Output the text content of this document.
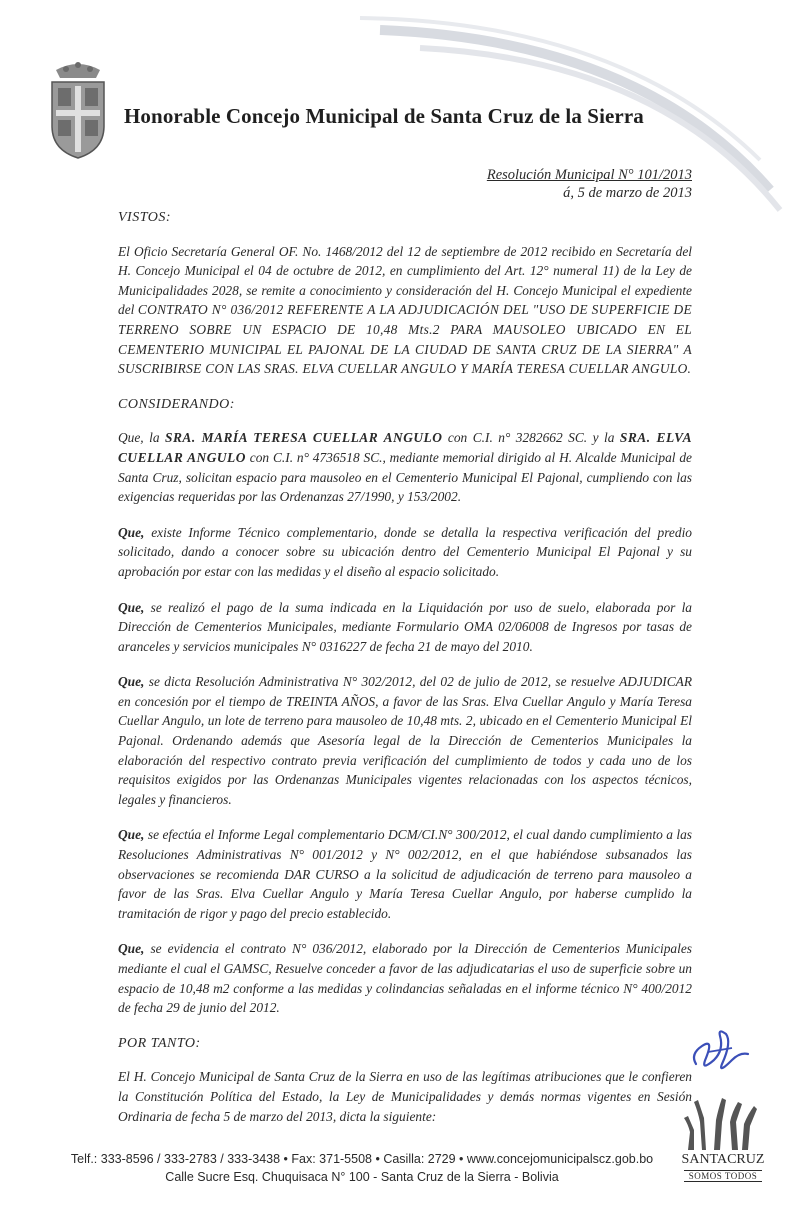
Honorable Concejo Municipal de Santa Cruz de la Sierra
Resolución Municipal N° 101/2013
á, 5 de marzo de 2013
VISTOS:

El Oficio Secretaría General OF. No. 1468/2012 del 12 de septiembre de 2012 recibido en Secretaría del H. Concejo Municipal el 04 de octubre de 2012, en cumplimiento del Art. 12° numeral 11) de la Ley de Municipalidades 2028, se remite a conocimiento y consideración del H. Concejo Municipal el expediente del CONTRATO N° 036/2012 REFERENTE A LA ADJUDICACIÓN DEL "USO DE SUPERFICIE DE TERRENO SOBRE UN ESPACIO DE 10,48 Mts.2 PARA MAUSOLEO UBICADO EN EL CEMENTERIO MUNICIPAL EL PAJONAL DE LA CIUDAD DE SANTA CRUZ DE LA SIERRA" A SUSCRIBIRSE CON LAS SRAS. ELVA CUELLAR ANGULO Y MARÍA TERESA CUELLAR ANGULO.

CONSIDERANDO:

Que, la SRA. MARÍA TERESA CUELLAR ANGULO con C.I. n° 3282662 SC. y la SRA. ELVA CUELLAR ANGULO con C.I. n° 4736518 SC., mediante memorial dirigido al H. Alcalde Municipal de Santa Cruz, solicitan espacio para mausoleo en el Cementerio Municipal El Pajonal, cumpliendo con las exigencias requeridas por las Ordenanzas 27/1990, y 153/2002.

Que, existe Informe Técnico complementario, donde se detalla la respectiva verificación del predio solicitado, dando a conocer sobre su ubicación dentro del Cementerio Municipal El Pajonal y su aprobación por estar con las medidas y el diseño al espacio solicitado.

Que, se realizó el pago de la suma indicada en la Liquidación por uso de suelo, elaborada por la Dirección de Cementerios Municipales, mediante Formulario OMA 02/06008 de Ingresos por tasas de aranceles y servicios municipales N° 0316227 de fecha 21 de mayo del 2010.

Que, se dicta Resolución Administrativa N° 302/2012, del 02 de julio de 2012, se resuelve ADJUDICAR en concesión por el tiempo de TREINTA AÑOS, a favor de las Sras. Elva Cuellar Angulo y María Teresa Cuellar Angulo, un lote de terreno para mausoleo de 10,48 mts. 2, ubicado en el Cementerio Municipal El Pajonal. Ordenando además que Asesoría legal de la Dirección de Cementerios Municipales la elaboración del respectivo contrato previa verificación del cumplimiento de todos y cada uno de los requisitos exigidos por las Ordenanzas Municipales vigentes relacionadas con los aspectos técnicos, legales y financieros.

Que, se efectúa el Informe Legal complementario DCM/CI.N° 300/2012, el cual dando cumplimiento a las Resoluciones Administrativas N° 001/2012 y N° 002/2012, en el que habiéndose subsanados las observaciones se recomienda DAR CURSO a la solicitud de adjudicación de terreno para mausoleo a favor de las Sras. Elva Cuellar Angulo y María Teresa Cuellar Angulo, por haberse cumplido la tramitación de rigor y pago del precio establecido.

Que, se evidencia el contrato N° 036/2012, elaborado por la Dirección de Cementerios Municipales mediante el cual el GAMSC, Resuelve conceder a favor de las adjudicatarias el uso de superficie sobre un espacio de 10,48 m2 conforme a las medidas y colindancias señaladas en el informe técnico N° 400/2012 de fecha 29 de junio del 2012.

POR TANTO:

El H. Concejo Municipal de Santa Cruz de la Sierra en uso de las legítimas atribuciones que le confieren la Constitución Política del Estado, la Ley de Municipalidades y demás normas vigentes en Sesión Ordinaria de fecha 5 de marzo del 2013, dicta la siguiente:

SANTACRUZ
SOMOS TODOS
Telf.: 333-8596 / 333-2783 / 333-3438 • Fax: 371-5508 • Casilla: 2729 • www.concejomunicipalscz.gob.bo
Calle Sucre Esq. Chuquisaca N° 100 - Santa Cruz de la Sierra - Bolivia
